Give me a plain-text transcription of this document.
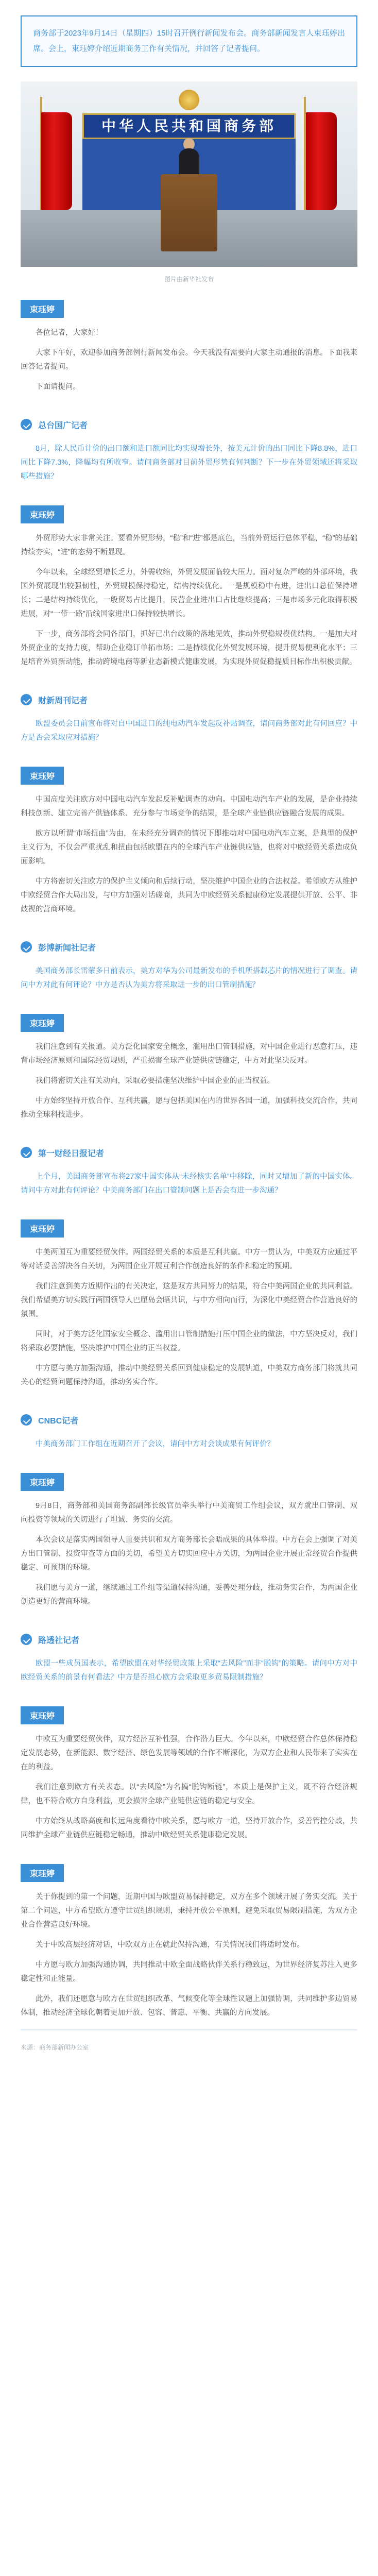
商务部于2023年9月14日（星期四）15时召开例行新闻发布会。商务部新闻发言人束珏婷出席。会上，束珏婷介绍近期商务工作有关情况，并回答了记者提问。

中华人民共和国商务部
图片由新华社发布
束珏婷

各位记者，大家好！

大家下午好，欢迎参加商务部例行新闻发布会。今天我没有需要向大家主动通报的消息。下面我来回答记者提问。

下面请提问。

总台国广记者

8月，除人民币计价的出口额和进口额同比均实现增长外，按美元计价的出口同比下降8.8%，进口同比下降7.3%，降幅均有所收窄。请问商务部对目前外贸形势有何判断？下一步在外贸领域还将采取哪些措施？

束珏婷

外贸形势大家非常关注。要看外贸形势，“稳”和“进”都是底色，当前外贸运行总体平稳，“稳”的基础持续夯实，“进”的态势不断显现。

今年以来，全球经贸增长乏力，外需收缩，外贸发展面临较大压力。面对复杂严峻的外部环境，我国外贸展现出较强韧性，外贸规模保持稳定，结构持续优化。一是规模稳中有进，进出口总值保持增长；二是结构持续优化，一般贸易占比提升，民营企业进出口占比继续提高；三是市场多元化取得积极进展，对“一带一路”沿线国家进出口保持较快增长。

下一步，商务部将会同各部门，抓好已出台政策的落地见效，推动外贸稳规模优结构。一是加大对外贸企业的支持力度，帮助企业稳订单拓市场；二是持续优化外贸发展环境，提升贸易便利化水平；三是培育外贸新动能，推动跨境电商等新业态新模式健康发展，为实现外贸促稳提质目标作出积极贡献。

财新周刊记者

欧盟委员会日前宣布将对自中国进口的纯电动汽车发起反补贴调查，请问商务部对此有何回应？中方是否会采取应对措施？

束珏婷

中国高度关注欧方对中国电动汽车发起反补贴调查的动向。中国电动汽车产业的发展，是企业持续科技创新、建立完善产供链体系、充分参与市场竞争的结果，是全球产业链供应链融合发展的成果。

欧方以所谓“市场扭曲”为由，在未经充分调查的情况下即推动对中国电动汽车立案，是典型的保护主义行为，不仅会严重扰乱和扭曲包括欧盟在内的全球汽车产业链供应链，也将对中欧经贸关系造成负面影响。

中方将密切关注欧方的保护主义倾向和后续行动，坚决维护中国企业的合法权益。希望欧方从维护中欧经贸合作大局出发，与中方加强对话磋商，共同为中欧经贸关系健康稳定发展提供开放、公平、非歧视的营商环境。

彭博新闻社记者

美国商务部长雷蒙多日前表示，美方对华为公司最新发布的手机所搭载芯片的情况进行了调查。请问中方对此有何评论？中方是否认为美方将采取进一步的出口管制措施？

束珏婷

我们注意到有关报道。美方泛化国家安全概念，滥用出口管制措施，对中国企业进行恶意打压，违背市场经济原则和国际经贸规则，严重损害全球产业链供应链稳定，中方对此坚决反对。

我们将密切关注有关动向，采取必要措施坚决维护中国企业的正当权益。

中方始终坚持开放合作、互利共赢，愿与包括美国在内的世界各国一道，加强科技交流合作，共同推动全球科技进步。

第一财经日报记者

上个月，美国商务部宣布将27家中国实体从“未经核实名单”中移除，同时又增加了新的中国实体。请问中方对此有何评论？中美商务部门在出口管制问题上是否会有进一步沟通？

束珏婷

中美两国互为重要经贸伙伴。两国经贸关系的本质是互利共赢。中方一贯认为，中美双方应通过平等对话妥善解决各自关切，为两国企业开展互利合作创造良好的条件和稳定的预期。

我们注意到美方近期作出的有关决定，这是双方共同努力的结果，符合中美两国企业的共同利益。我们希望美方切实践行两国领导人巴厘岛会晤共识，与中方相向而行，为深化中美经贸合作营造良好的氛围。

同时，对于美方泛化国家安全概念、滥用出口管制措施打压中国企业的做法，中方坚决反对，我们将采取必要措施，坚决维护中国企业的正当权益。

中方愿与美方加强沟通，推动中美经贸关系回到健康稳定的发展轨道，中美双方商务部门将就共同关心的经贸问题保持沟通，推动务实合作。

CNBC记者

中美商务部门工作组在近期召开了会议，请问中方对会谈成果有何评价？

束珏婷

9月8日，商务部和美国商务部副部长级官员牵头举行中美商贸工作组会议，双方就出口管制、双向投资等领域的关切进行了坦诚、务实的交流。

本次会议是落实两国领导人重要共识和双方商务部长会晤成果的具体举措。中方在会上强调了对美方出口管制、投资审查等方面的关切，希望美方切实回应中方关切，为两国企业开展正常经贸合作提供稳定、可预期的环境。

我们愿与美方一道，继续通过工作组等渠道保持沟通，妥善处理分歧，推动务实合作，为两国企业创造更好的营商环境。

路透社记者

欧盟一些成员国表示，希望欧盟在对华经贸政策上采取“去风险”而非“脱钩”的策略。请问中方对中欧经贸关系的前景有何看法？中方是否担心欧方会采取更多贸易限制措施？

束珏婷

中欧互为重要经贸伙伴，双方经济互补性强，合作潜力巨大。今年以来，中欧经贸合作总体保持稳定发展态势，在新能源、数字经济、绿色发展等领域的合作不断深化，为双方企业和人民带来了实实在在的利益。

我们注意到欧方有关表态。以“去风险”为名搞“脱钩断链”，本质上是保护主义，既不符合经济规律，也不符合欧方自身利益，更会损害全球产业链供应链的稳定与安全。

中方始终从战略高度和长远角度看待中欧关系，愿与欧方一道，坚持开放合作，妥善管控分歧，共同维护全球产业链供应链稳定畅通，推动中欧经贸关系健康稳定发展。

束珏婷

关于你提到的第一个问题，近期中国与欧盟贸易保持稳定，双方在多个领域开展了务实交流。关于第二个问题，中方希望欧方遵守世贸组织规则，秉持开放公平原则，避免采取贸易限制措施，为双方企业合作营造良好环境。

关于中欧高层经济对话，中欧双方正在就此保持沟通，有关情况我们将适时发布。

中方愿与欧方加强沟通协调，共同推动中欧全面战略伙伴关系行稳致远，为世界经济复苏注入更多稳定性和正能量。

此外，我们还愿意与欧方在世贸组织改革、气候变化等全球性议题上加强协调，共同维护多边贸易体制，推动经济全球化朝着更加开放、包容、普惠、平衡、共赢的方向发展。

来源：商务部新闻办公室
